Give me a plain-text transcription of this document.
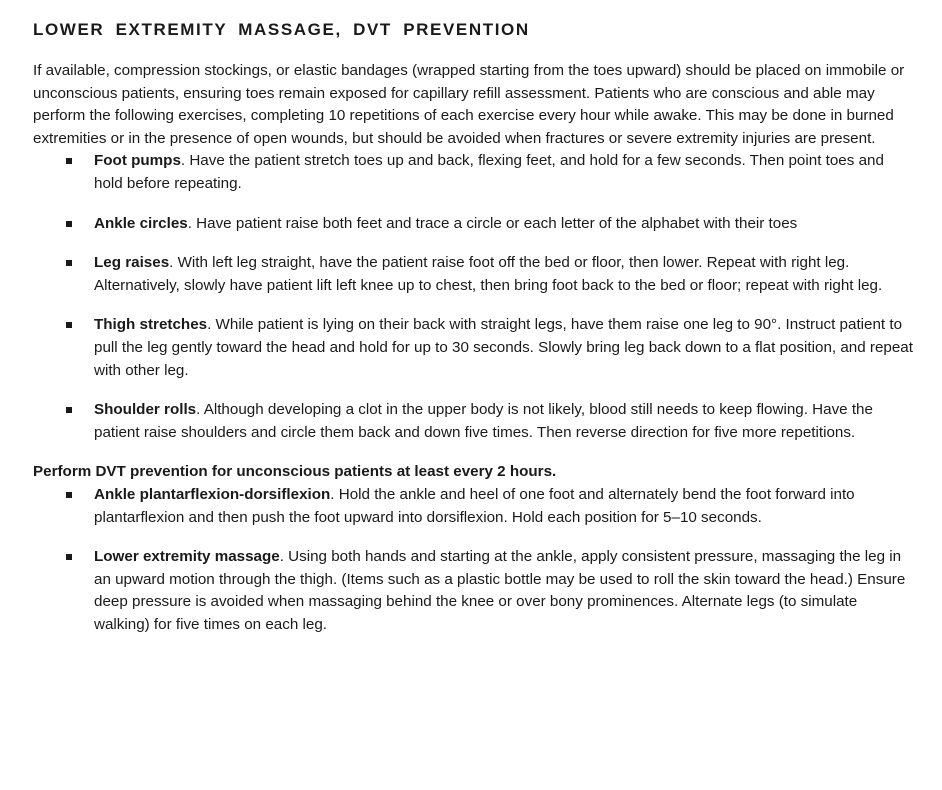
LOWER EXTREMITY MASSAGE, DVT PREVENTION

If available, compression stockings, or elastic bandages (wrapped starting from the toes upward) should be placed on immobile or unconscious patients, ensuring toes remain exposed for capillary refill assessment. Patients who are conscious and able may perform the following exercises, completing 10 repetitions of each exercise every hour while awake. This may be done in burned extremities or in the presence of open wounds, but should be avoided when fractures or severe extremity injuries are present.

Foot pumps. Have the patient stretch toes up and back, flexing feet, and hold for a few seconds. Then point toes and hold before repeating.
Ankle circles. Have patient raise both feet and trace a circle or each letter of the alphabet with their toes
Leg raises. With left leg straight, have the patient raise foot off the bed or floor, then lower. Repeat with right leg. Alternatively, slowly have patient lift left knee up to chest, then bring foot back to the bed or floor; repeat with right leg.
Thigh stretches. While patient is lying on their back with straight legs, have them raise one leg to 90°. Instruct patient to pull the leg gently toward the head and hold for up to 30 seconds. Slowly bring leg back down to a flat position, and repeat with other leg.
Shoulder rolls. Although developing a clot in the upper body is not likely, blood still needs to keep flowing. Have the patient raise shoulders and circle them back and down five times. Then reverse direction for five more repetitions.

Perform DVT prevention for unconscious patients at least every 2 hours.

Ankle plantarflexion-dorsiflexion. Hold the ankle and heel of one foot and alternately bend the foot forward into plantarflexion and then push the foot upward into dorsiflexion. Hold each position for 5–10 seconds.
Lower extremity massage. Using both hands and starting at the ankle, apply consistent pressure, massaging the leg in an upward motion through the thigh. (Items such as a plastic bottle may be used to roll the skin toward the head.) Ensure deep pressure is avoided when massaging behind the knee or over bony prominences. Alternate legs (to simulate walking) for five times on each leg.
